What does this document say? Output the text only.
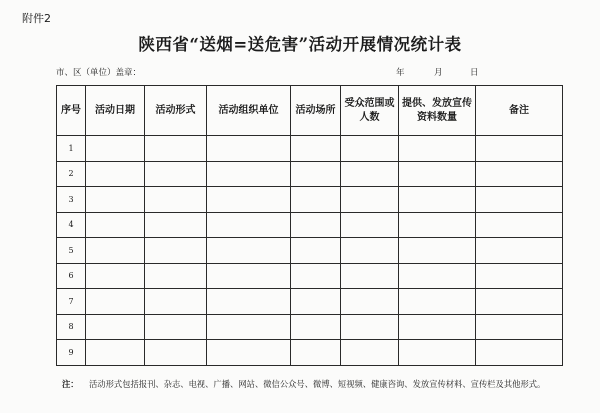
附件2
陕西省“送烟=送危害”活动开展情况统计表
市、区（单位）盖章：	年	月	日
序号	活动日期	活动形式	活动组织单位	活动场所	受众范围或人数	提供、发放宣传资料数量	备注
1							
2							
3							
4							
5							
6							
7							
8							
9							
注： 活动形式包括报刊、杂志、电视、广播、网站、微信公众号、微博、短视频、健康咨询、发放宣传材料、宣传栏及其他形式。
